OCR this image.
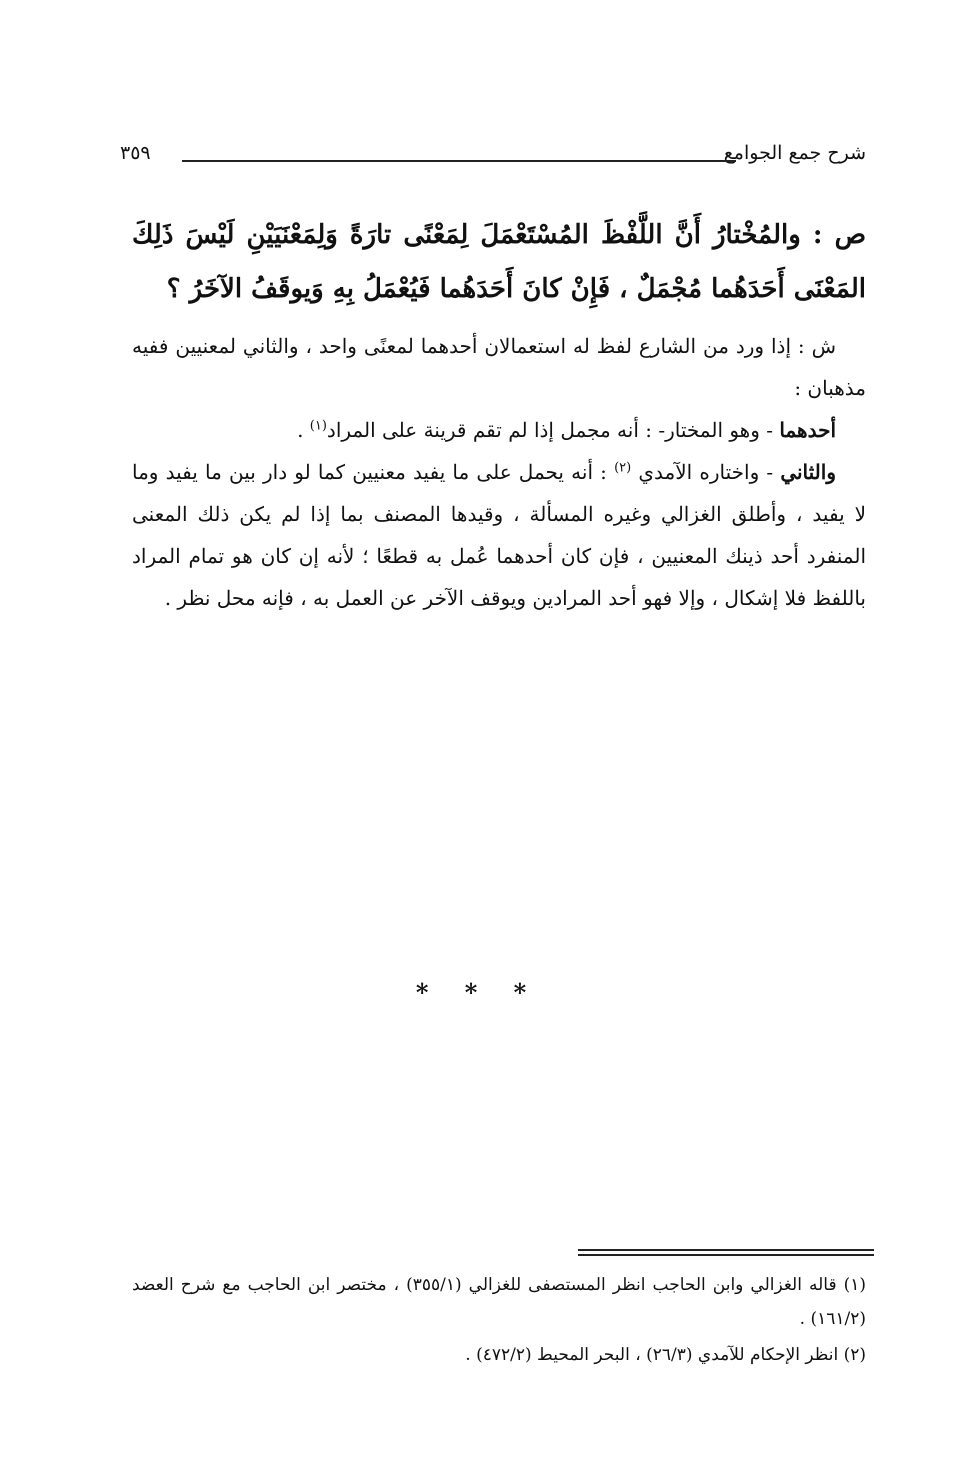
شرح جمع الجوامع
٣٥٩
ص : والمُخْتارُ أَنَّ اللَّفْظَ المُسْتَعْمَلَ لِمَعْنًى تارَةً وَلِمَعْنَيَيْنِ لَيْسَ ذَلِكَ المَعْنَى أَحَدَهُما مُجْمَلٌ ، فَإِنْ كانَ أَحَدَهُما فَيُعْمَلُ بِهِ وَيوقَفُ الآخَرُ ؟

ش : إذا ورد من الشارع لفظ له استعمالان أحدهما لمعنًى واحد ، والثاني لمعنيين ففيه مذهبان :

أحدهما - وهو المختار- : أنه مجمل إذا لم تقم قرينة على المراد$^{(١)}$ .

والثاني - واختاره الآمدي $^{(٢)}$ : أنه يحمل على ما يفيد معنيين كما لو دار بين ما يفيد وما لا يفيد ، وأطلق الغزالي وغيره المسألة ، وقيدها المصنف بما إذا لم يكن ذلك المعنى المنفرد أحد ذينك المعنيين ، فإن كان أحدهما عُمل به قطعًا ؛ لأنه إن كان هو تمام المراد باللفظ فلا إشكال ، وإلا فهو أحد المرادين ويوقف الآخر عن العمل به ، فإنه محل نظر .

* * *

(١) قاله الغزالي وابن الحاجب انظر المستصفى للغزالي (٣٥٥/١) ، مختصر ابن الحاجب مع شرح العضد (١٦١/٢) .

(٢) انظر الإحكام للآمدي (٢٦/٣) ، البحر المحيط (٤٧٢/٢) .
